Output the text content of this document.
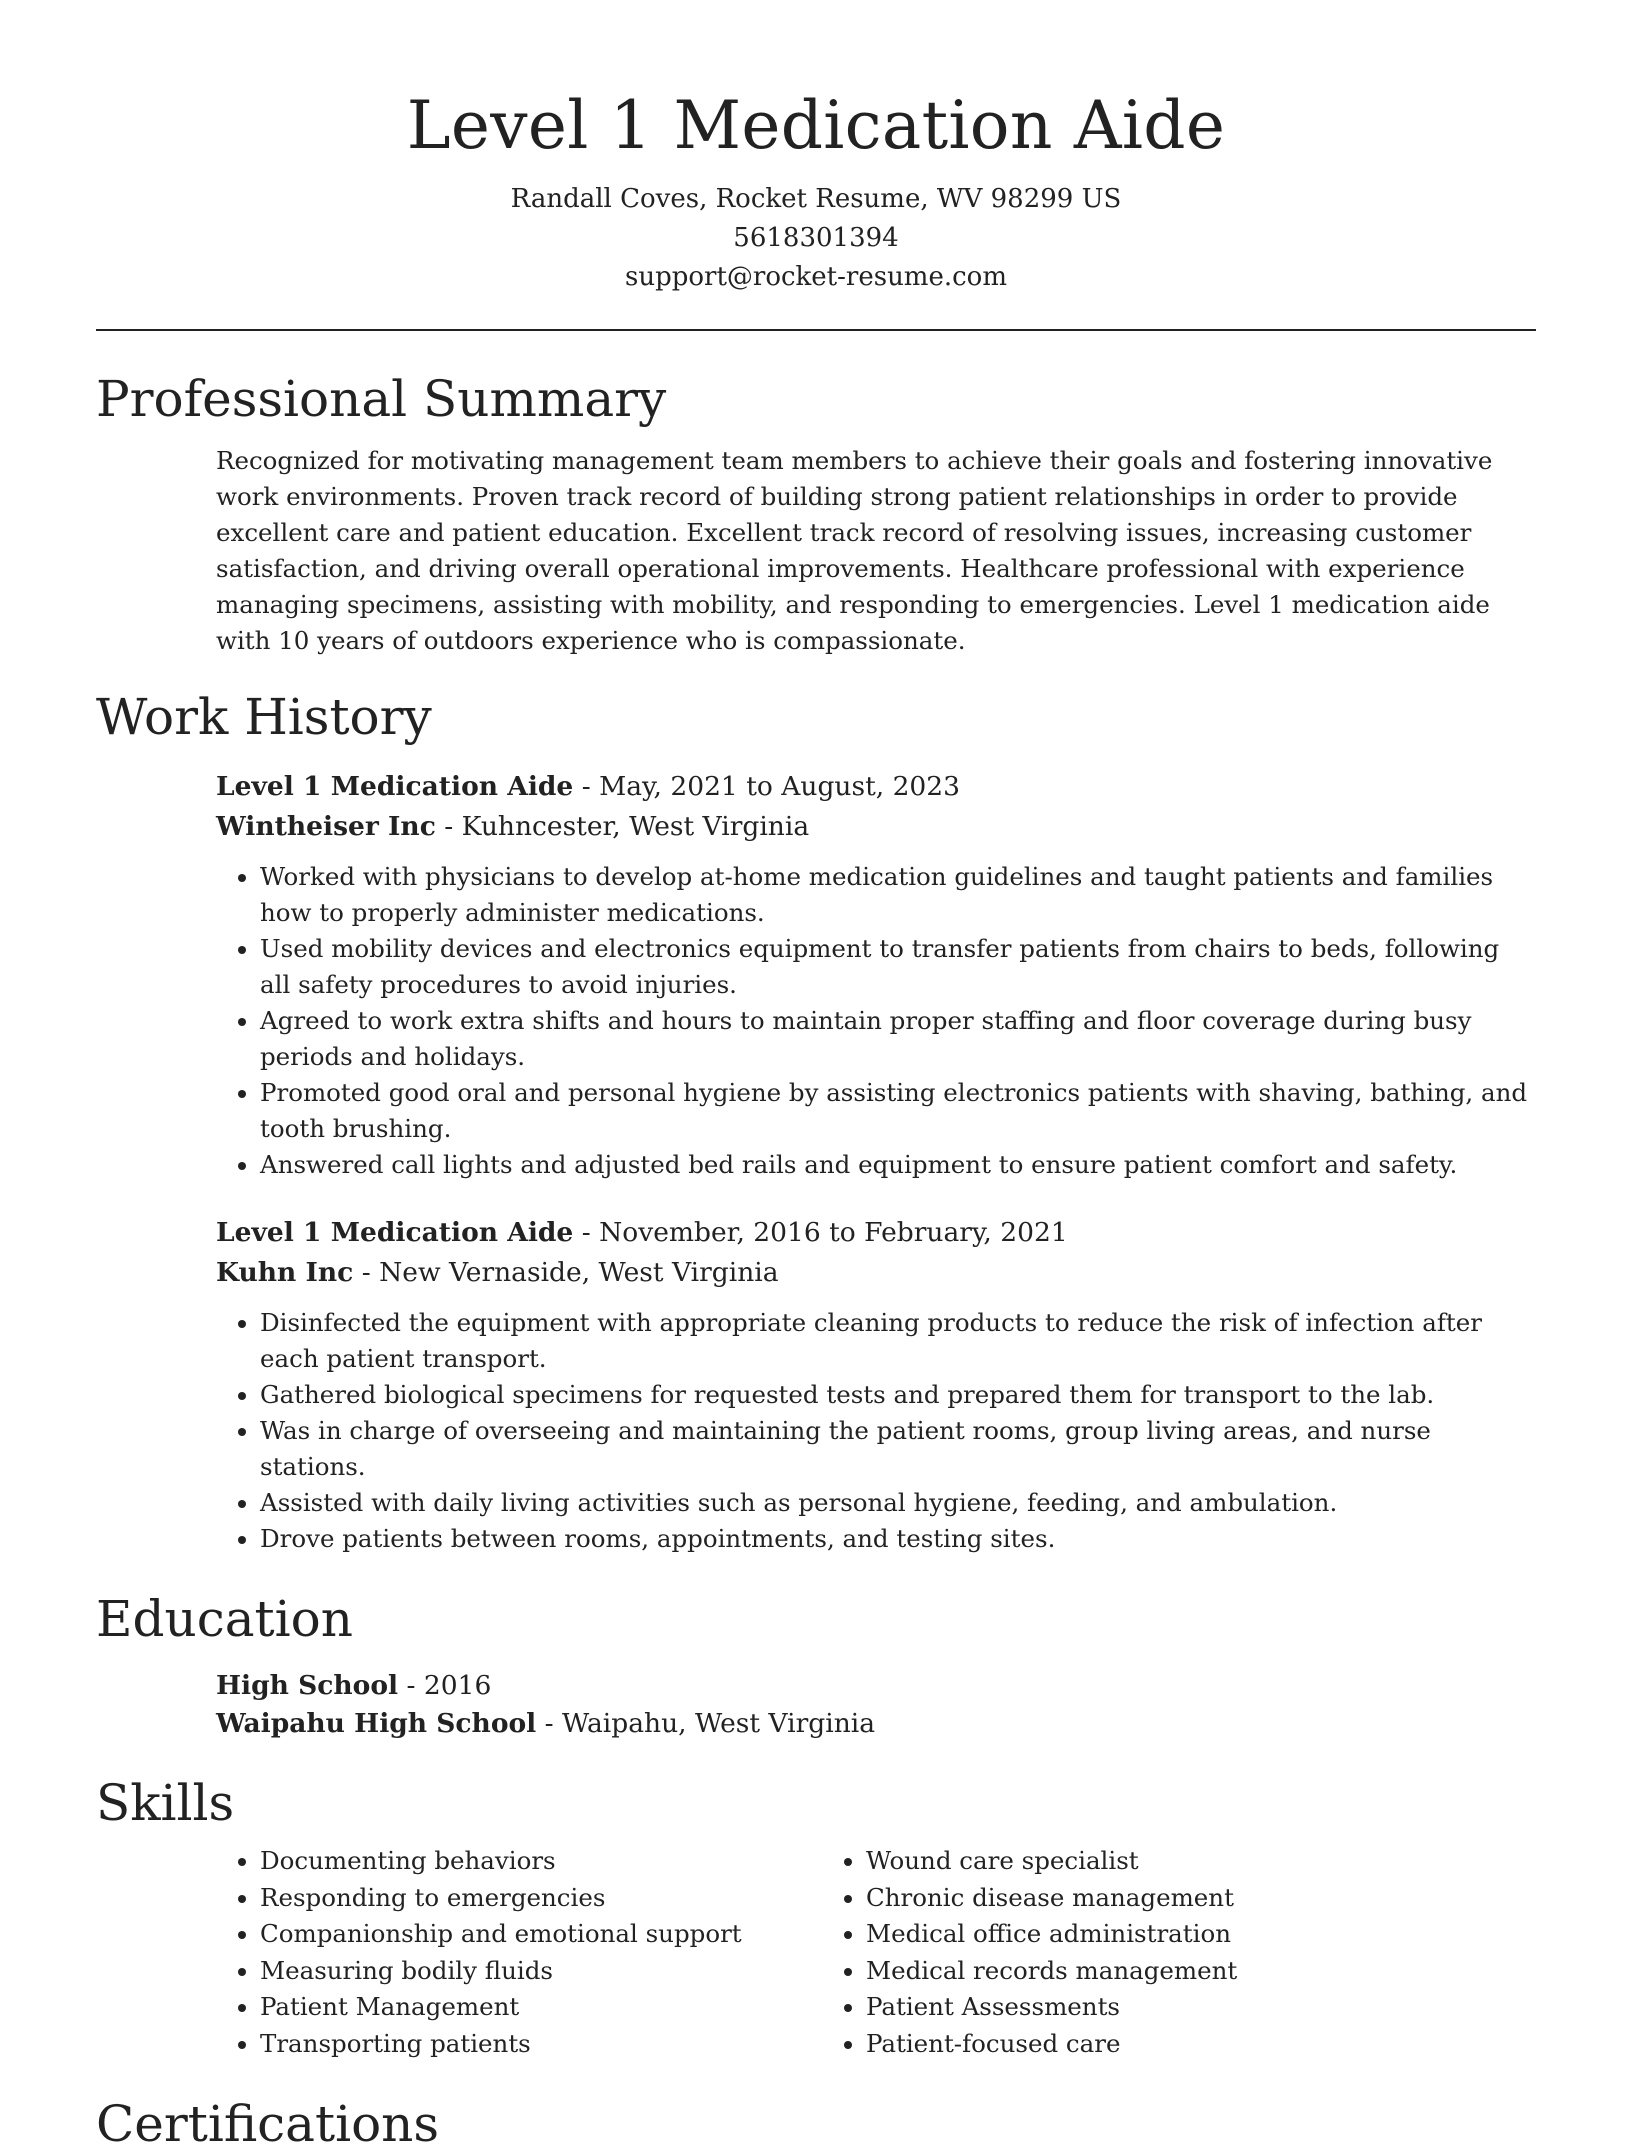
Level 1 Medication Aide

Randall Coves, Rocket Resume, WV 98299 US

5618301394

support@rocket-resume.com

Professional Summary

Recognized for motivating management team members to achieve their goals and fostering innovative work environments. Proven track record of building strong patient relationships in order to provide excellent care and patient education. Excellent track record of resolving issues, increasing customer satisfaction, and driving overall operational improvements. Healthcare professional with experience managing specimens, assisting with mobility, and responding to emergencies. Level 1 medication aide with 10 years of outdoors experience who is compassionate.

Work History

Level 1 Medication Aide - May, 2021 to August, 2023

Wintheiser Inc - Kuhncester, West Virginia

• Worked with physicians to develop at-home medication guidelines and taught patients and families how to properly administer medications.
• Used mobility devices and electronics equipment to transfer patients from chairs to beds, following all safety procedures to avoid injuries.
• Agreed to work extra shifts and hours to maintain proper staffing and floor coverage during busy periods and holidays.
• Promoted good oral and personal hygiene by assisting electronics patients with shaving, bathing, and tooth brushing.
• Answered call lights and adjusted bed rails and equipment to ensure patient comfort and safety.

Level 1 Medication Aide - November, 2016 to February, 2021

Kuhn Inc - New Vernaside, West Virginia

• Disinfected the equipment with appropriate cleaning products to reduce the risk of infection after each patient transport.
• Gathered biological specimens for requested tests and prepared them for transport to the lab.
• Was in charge of overseeing and maintaining the patient rooms, group living areas, and nurse stations.
• Assisted with daily living activities such as personal hygiene, feeding, and ambulation.
• Drove patients between rooms, appointments, and testing sites.
Education

High School - 2016

Waipahu High School - Waipahu, West Virginia

Skills
• Documenting behaviors
• Responding to emergencies
• Companionship and emotional support
• Measuring bodily fluids
• Patient Management
• Transporting patients
• Wound care specialist
• Chronic disease management
• Medical office administration
• Medical records management
• Patient Assessments
• Patient-focused care
Certifications
